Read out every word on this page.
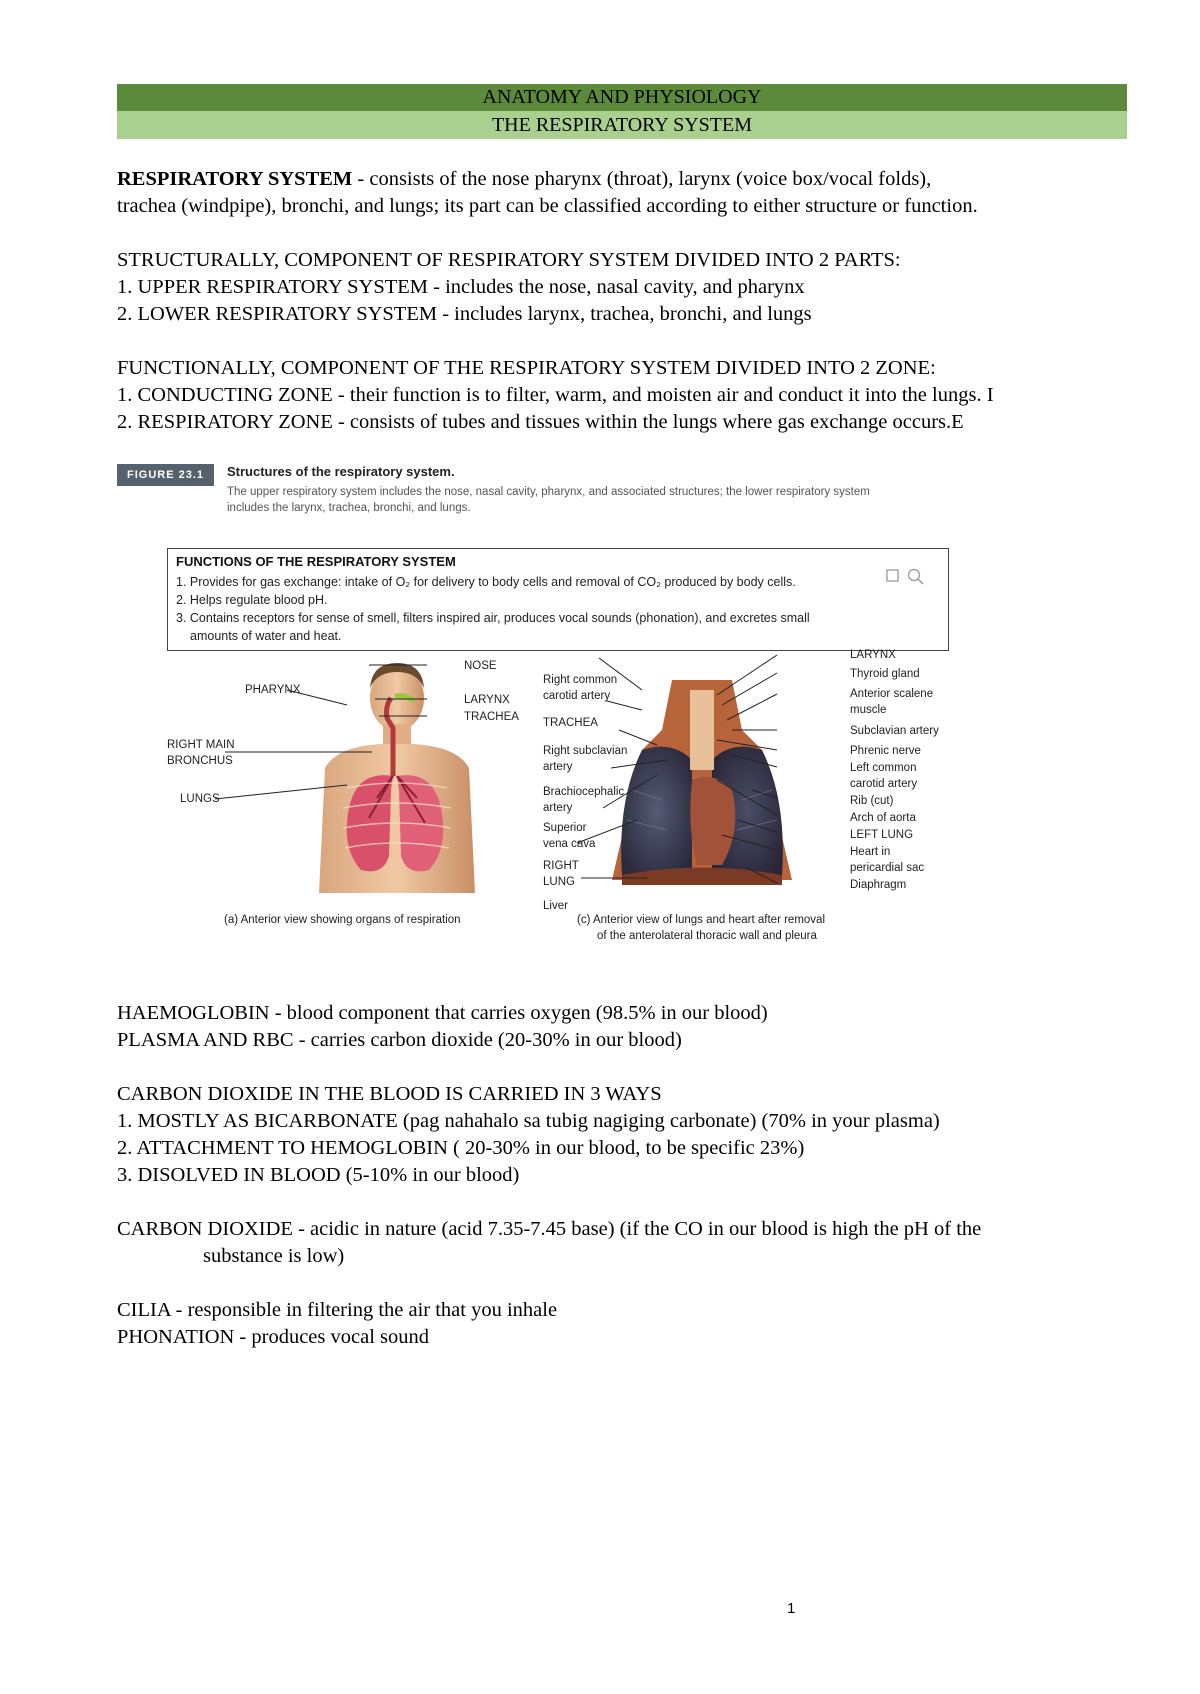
ANATOMY AND PHYSIOLOGY
THE RESPIRATORY SYSTEM
RESPIRATORY SYSTEM - consists of the nose pharynx (throat), larynx (voice box/vocal folds),
trachea (windpipe), bronchi, and lungs; its part can be classified according to either structure or function.
STRUCTURALLY, COMPONENT OF RESPIRATORY SYSTEM DIVIDED INTO 2 PARTS:
1. UPPER RESPIRATORY SYSTEM - includes the nose, nasal cavity, and pharynx
2. LOWER RESPIRATORY SYSTEM - includes larynx, trachea, bronchi, and lungs
FUNCTIONALLY, COMPONENT OF THE RESPIRATORY SYSTEM DIVIDED INTO 2 ZONE:
1. CONDUCTING ZONE - their function is to filter, warm, and moisten air and conduct it into the lungs. I
2. RESPIRATORY ZONE - consists of tubes and tissues within the lungs where gas exchange occurs.E
FIGURE 23.1	Structures of the respiratory system.
The upper respiratory system includes the nose, nasal cavity, pharynx, and associated structures; the lower respiratory system
includes the larynx, trachea, bronchi, and lungs.
FUNCTIONS OF THE RESPIRATORY SYSTEM
1. Provides for gas exchange: intake of O₂ for delivery to body cells and removal of CO₂ produced by body cells.
2. Helps regulate blood pH.
3. Contains receptors for sense of smell, filters inspired air, produces vocal sounds (phonation), and excretes small
amounts of water and heat.
NOSE
PHARYNX
LARYNX
TRACHEA
RIGHT MAIN
BRONCHUS
LUNGS
(a) Anterior view showing organs of respiration
Right common
carotid artery
TRACHEA
Right subclavian
artery
Brachiocephalic
artery
Superior
vena cava
RIGHT
LUNG
Liver
LARYNX
Thyroid gland
Anterior scalene
muscle
Subclavian artery
Phrenic nerve
Left common
carotid artery
Rib (cut)
Arch of aorta
LEFT LUNG
Heart in
pericardial sac
Diaphragm
(c) Anterior view of lungs and heart after removal
of the anterolateral thoracic wall and pleura
HAEMOGLOBIN - blood component that carries oxygen (98.5% in our blood)
PLASMA AND RBC - carries carbon dioxide (20-30% in our blood)
CARBON DIOXIDE IN THE BLOOD IS CARRIED IN 3 WAYS
1. MOSTLY AS BICARBONATE (pag nahahalo sa tubig nagiging carbonate) (70% in your plasma)
2. ATTACHMENT TO HEMOGLOBIN ( 20-30% in our blood, to be specific 23%)
3. DISOLVED IN BLOOD (5-10% in our blood)
CARBON DIOXIDE - acidic in nature (acid 7.35-7.45 base) (if the CO in our blood is high the pH of the
substance is low)
CILIA - responsible in filtering the air that you inhale
PHONATION - produces vocal sound
1
